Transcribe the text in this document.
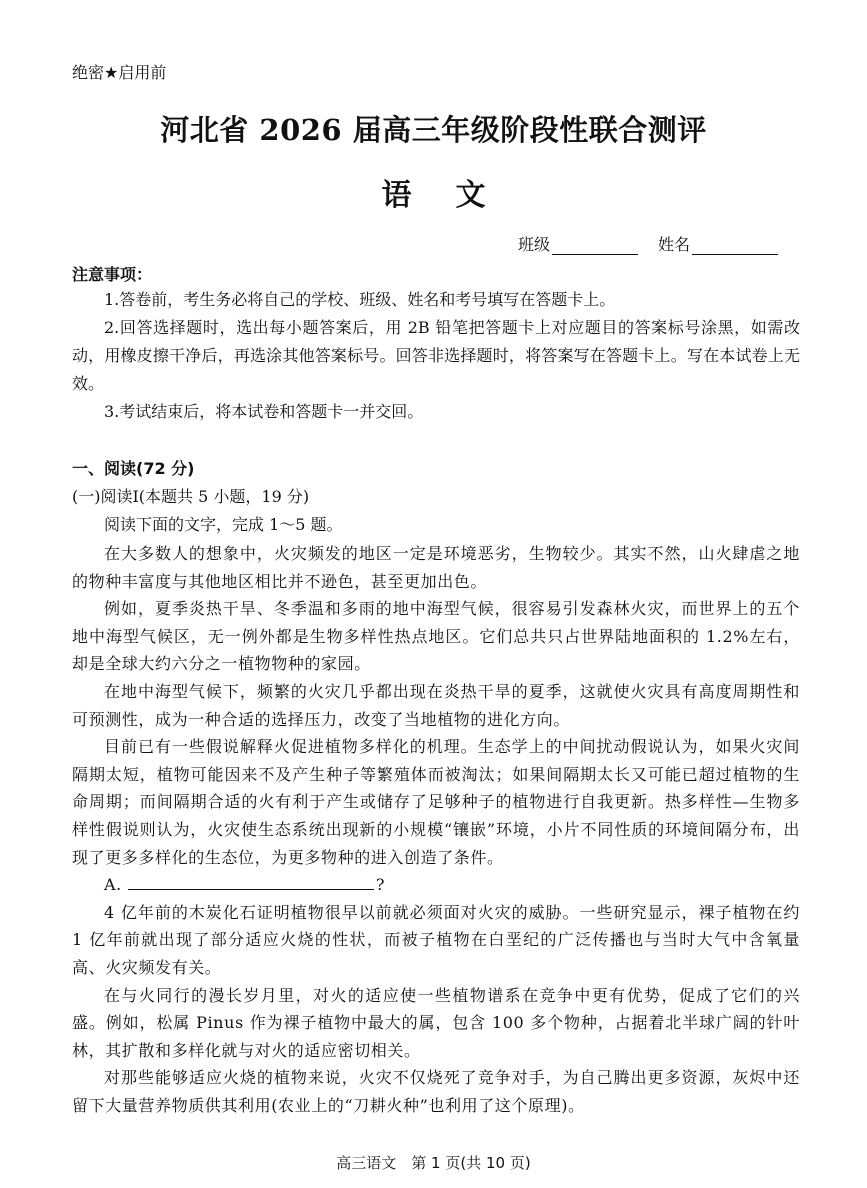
绝密★启用前
河北省 2026 届高三年级阶段性联合测评
语文
班级	姓名
注意事项：

1.答卷前，考生务必将自己的学校、班级、姓名和考号填写在答题卡上。

2.回答选择题时，选出每小题答案后，用 2B 铅笔把答题卡上对应题目的答案标号涂黑，如需改动，用橡皮擦干净后，再选涂其他答案标号。回答非选择题时，将答案写在答题卡上。写在本试卷上无效。

3.考试结束后，将本试卷和答题卡一并交回。

一、阅读(72 分)
(一)阅读Ⅰ(本题共 5 小题，19 分)
阅读下面的文字，完成 1～5 题。

在大多数人的想象中，火灾频发的地区一定是环境恶劣，生物较少。其实不然，山火肆虐之地的物种丰富度与其他地区相比并不逊色，甚至更加出色。

例如，夏季炎热干旱、冬季温和多雨的地中海型气候，很容易引发森林火灾，而世界上的五个地中海型气候区，无一例外都是生物多样性热点地区。它们总共只占世界陆地面积的 1.2%左右，却是全球大约六分之一植物物种的家园。

在地中海型气候下，频繁的火灾几乎都出现在炎热干旱的夏季，这就使火灾具有高度周期性和可预测性，成为一种合适的选择压力，改变了当地植物的进化方向。

目前已有一些假说解释火促进植物多样化的机理。生态学上的中间扰动假说认为，如果火灾间隔期太短，植物可能因来不及产生种子等繁殖体而被淘汰；如果间隔期太长又可能已超过植物的生命周期；而间隔期合适的火有利于产生或储存了足够种子的植物进行自我更新。热多样性—生物多样性假说则认为，火灾使生态系统出现新的小规模“镶嵌”环境，小片不同性质的环境间隔分布，出现了更多多样化的生态位，为更多物种的进入创造了条件。

A.	?

4 亿年前的木炭化石证明植物很早以前就必须面对火灾的威胁。一些研究显示，裸子植物在约 1 亿年前就出现了部分适应火烧的性状，而被子植物在白垩纪的广泛传播也与当时大气中含氧量高、火灾频发有关。

在与火同行的漫长岁月里，对火的适应使一些植物谱系在竞争中更有优势，促成了它们的兴盛。例如，松属 Pinus 作为裸子植物中最大的属，包含 100 多个物种，占据着北半球广阔的针叶林，其扩散和多样化就与对火的适应密切相关。

对那些能够适应火烧的植物来说，火灾不仅烧死了竞争对手，为自己腾出更多资源，灰烬中还留下大量营养物质供其利用(农业上的“刀耕火种”也利用了这个原理)。

高三语文　第 1 页(共 10 页)
